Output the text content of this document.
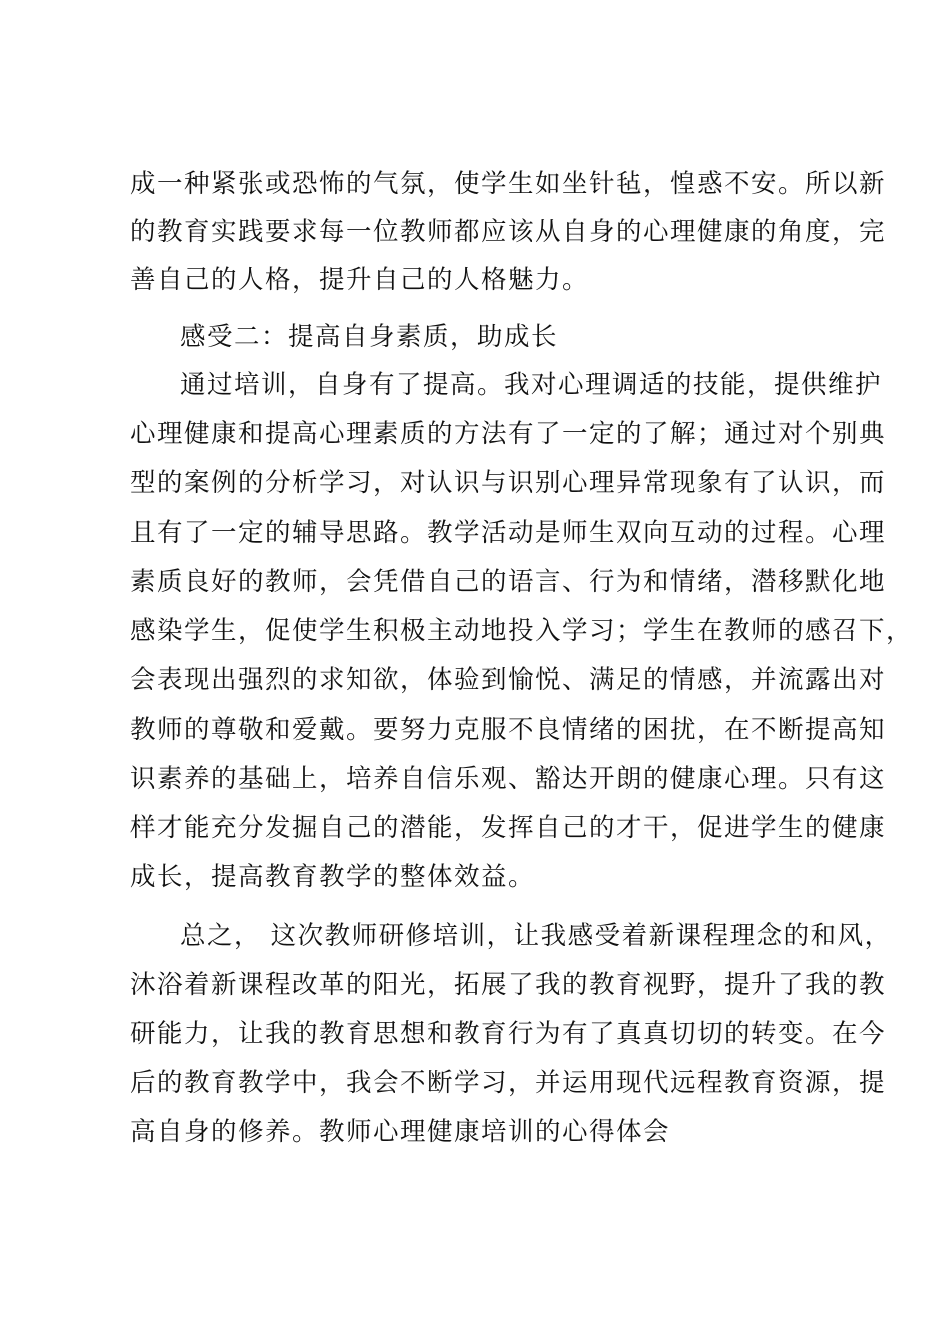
成一种紧张或恐怖的气氛，使学生如坐针毡，惶惑不安。所以新
的教育实践要求每一位教师都应该从自身的心理健康的角度，完
善自己的人格，提升自己的人格魅力。
感受二：提高自身素质，助成长
通过培训，自身有了提高。我对心理调适的技能，提供维护
心理健康和提高心理素质的方法有了一定的了解；通过对个别典
型的案例的分析学习，对认识与识别心理异常现象有了认识，而
且有了一定的辅导思路。教学活动是师生双向互动的过程。心理
素质良好的教师，会凭借自己的语言、行为和情绪，潜移默化地
感染学生，促使学生积极主动地投入学习；学生在教师的感召下，
会表现出强烈的求知欲，体验到愉悦、满足的情感，并流露出对
教师的尊敬和爱戴。要努力克服不良情绪的困扰，在不断提高知
识素养的基础上，培养自信乐观、豁达开朗的健康心理。只有这
样才能充分发掘自己的潜能，发挥自己的才干，促进学生的健康
成长，提高教育教学的整体效益。
总之， 这次教师研修培训，让我感受着新课程理念的和风，
沐浴着新课程改革的阳光，拓展了我的教育视野，提升了我的教
研能力，让我的教育思想和教育行为有了真真切切的转变。在今
后的教育教学中，我会不断学习，并运用现代远程教育资源，提
高自身的修养。教师心理健康培训的心得体会
